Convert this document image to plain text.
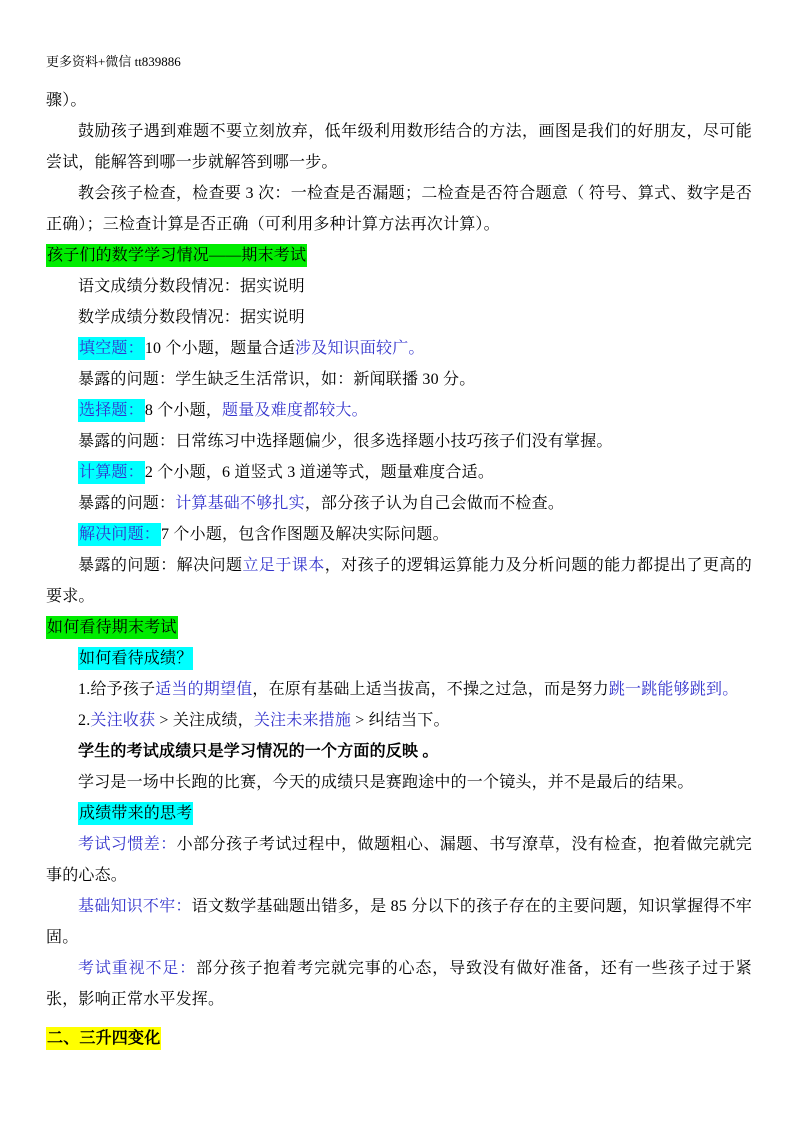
更多资料+微信 tt839886

骤）。

鼓励孩子遇到难题不要立刻放弃，低年级利用数形结合的方法，画图是我们的好朋友，尽可能尝试，能解答到哪一步就解答到哪一步。

教会孩子检查，检查要 3 次：一检查是否漏题；二检查是否符合题意（ 符号、算式、数字是否正确）；三检查计算是否正确（可利用多种计算方法再次计算）。

孩子们的数学学习情况——期末考试

语文成绩分数段情况：据实说明

数学成绩分数段情况：据实说明

填空题：10 个小题，题量合适涉及知识面较广。

暴露的问题：学生缺乏生活常识，如：新闻联播 30 分。

选择题：8 个小题，题量及难度都较大。

暴露的问题：日常练习中选择题偏少，很多选择题小技巧孩子们没有掌握。

计算题：2 个小题，6 道竖式 3 道递等式，题量难度合适。

暴露的问题：计算基础不够扎实，部分孩子认为自己会做而不检查。

解决问题：7 个小题，包含作图题及解决实际问题。

暴露的问题：解决问题立足于课本，对孩子的逻辑运算能力及分析问题的能力都提出了更高的要求。

如何看待期末考试

如何看待成绩？

1.给予孩子适当的期望值，在原有基础上适当拔高，不操之过急，而是努力跳一跳能够跳到。

2.关注收获 > 关注成绩，关注未来措施 > 纠结当下。

学生的考试成绩只是学习情况的一个方面的反映 。

学习是一场中长跑的比赛，今天的成绩只是赛跑途中的一个镜头，并不是最后的结果。

成绩带来的思考

考试习惯差：小部分孩子考试过程中，做题粗心、漏题、书写潦草，没有检查，抱着做完就完事的心态。

基础知识不牢：语文数学基础题出错多，是 85 分以下的孩子存在的主要问题，知识掌握得不牢固。

考试重视不足：部分孩子抱着考完就完事的心态，导致没有做好准备，还有一些孩子过于紧张，影响正常水平发挥。

二、三升四变化
